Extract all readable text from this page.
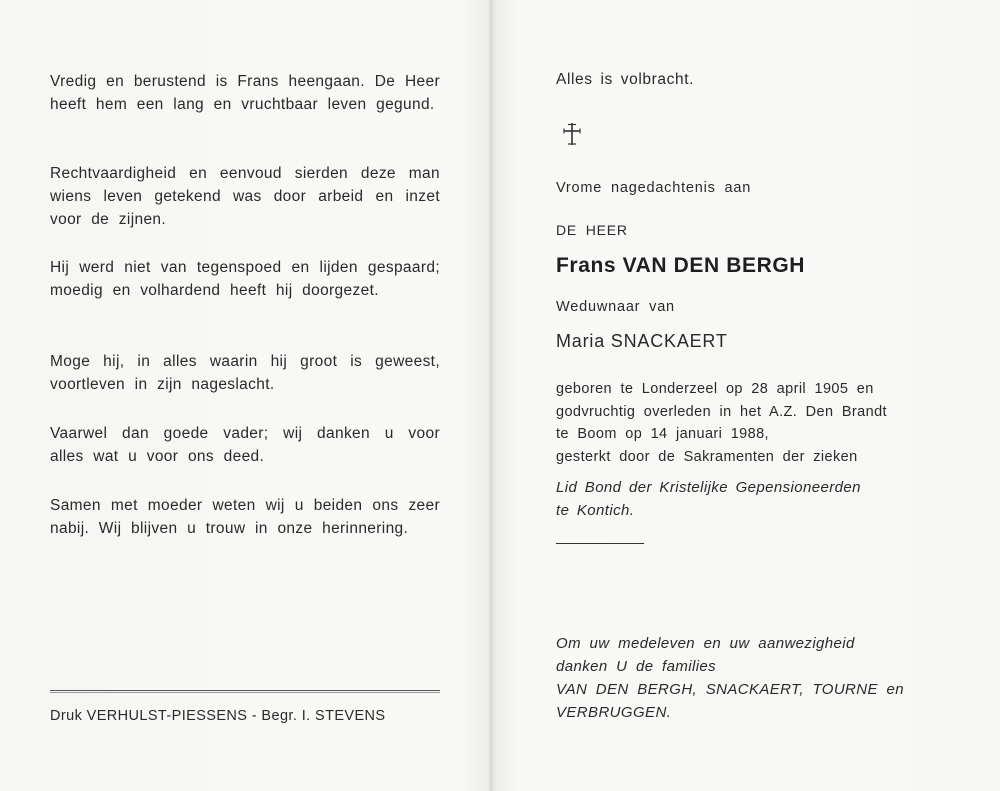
Vredig en berustend is Frans heengaan. De Heer heeft hem een lang en vruchtbaar leven gegund.

Rechtvaardigheid en eenvoud sierden deze man wiens leven getekend was door arbeid en inzet voor de zijnen.

Hij werd niet van tegenspoed en lijden gespaard; moedig en volhardend heeft hij doorgezet.

Moge hij, in alles waarin hij groot is geweest, voortleven in zijn nageslacht.

Vaarwel dan goede vader; wij danken u voor alles wat u voor ons deed.

Samen met moeder weten wij u beiden ons zeer nabij. Wij blijven u trouw in onze herinnering.

Druk VERHULST-PIESSENS - Begr. I. STEVENS
Alles is volbracht.
Vrome nagedachtenis aan
DE HEER
Frans VAN DEN BERGH
Weduwnaar van
Maria SNACKAERT
geboren te Londerzeel op 28 april 1905 en
godvruchtig overleden in het A.Z. Den Brandt
te Boom op 14 januari 1988,
gesterkt door de Sakramenten der zieken
Lid Bond der Kristelijke Gepensioneerden
te Kontich.
Om uw medeleven en uw aanwezigheid
danken U de families
VAN DEN BERGH, SNACKAERT, TOURNE en
VERBRUGGEN.
